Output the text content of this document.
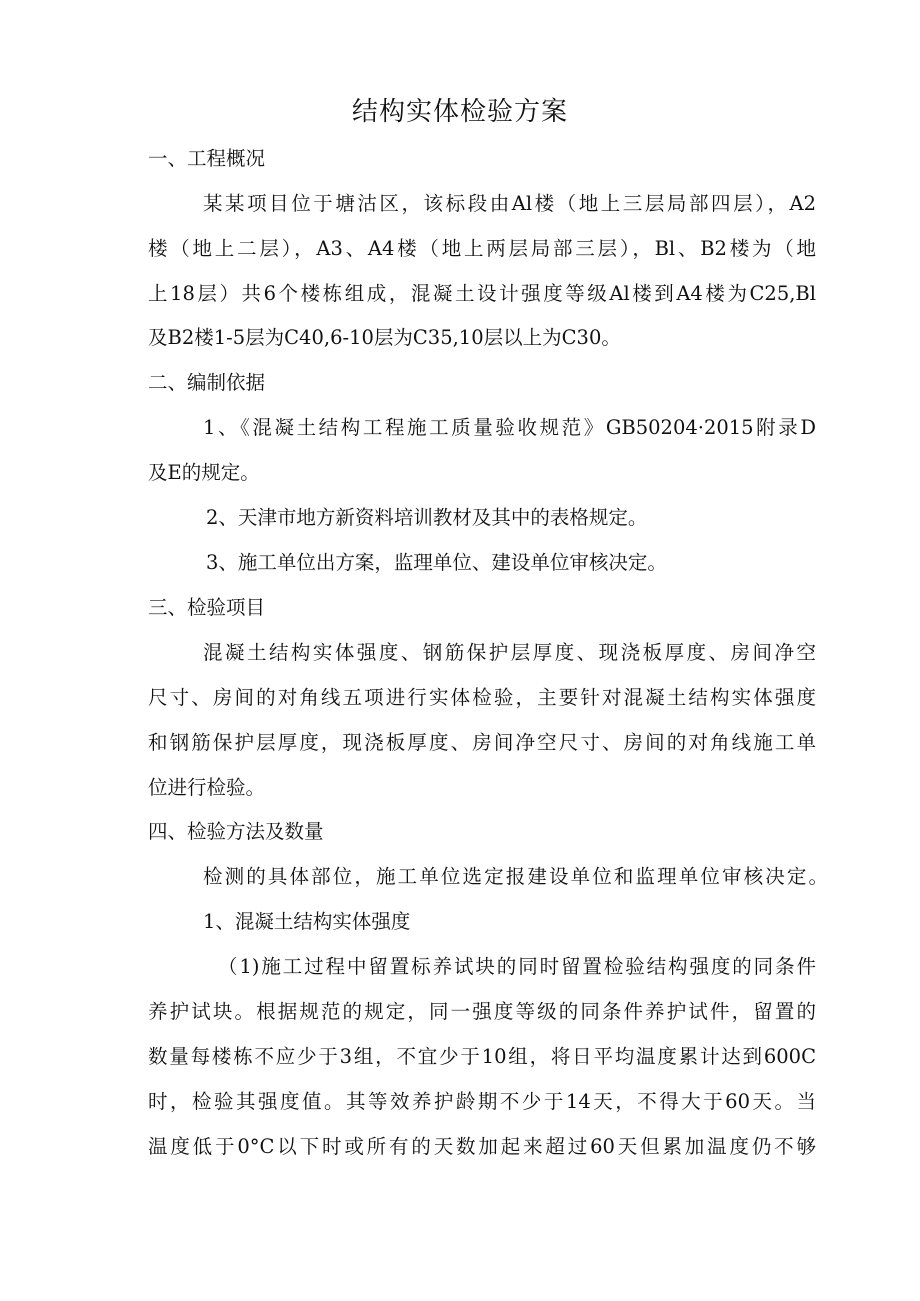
结构实体检验方案
一、工程概况
某某项目位于塘沽区，该标段由Al楼（地上三层局部四层），A2
楼（地上二层），A3、A4楼（地上两层局部三层），Bl、B2楼为（地
上18层）共6个楼栋组成，混凝土设计强度等级Al楼到A4楼为C25,Bl
及B2楼1-5层为C40,6-10层为C35,10层以上为C30。
二、编制依据
1、《混凝土结构工程施工质量验收规范》GB50204·2015附录D
及E的规定。
2、天津市地方新资料培训教材及其中的表格规定。
3、施工单位出方案，监理单位、建设单位审核决定。
三、检验项目
混凝土结构实体强度、钢筋保护层厚度、现浇板厚度、房间净空
尺寸、房间的对角线五项进行实体检验，主要针对混凝土结构实体强度
和钢筋保护层厚度，现浇板厚度、房间净空尺寸、房间的对角线施工单
位进行检验。
四、检验方法及数量
检测的具体部位，施工单位选定报建设单位和监理单位审核决定。
1、混凝土结构实体强度
（1)施工过程中留置标养试块的同时留置检验结构强度的同条件
养护试块。根据规范的规定，同一强度等级的同条件养护试件，留置的
数量每楼栋不应少于3组，不宜少于10组，将日平均温度累计达到600C
时，检验其强度值。其等效养护龄期不少于14天，不得大于60天。当
温度低于0°C以下时或所有的天数加起来超过60天但累加温度仍不够
